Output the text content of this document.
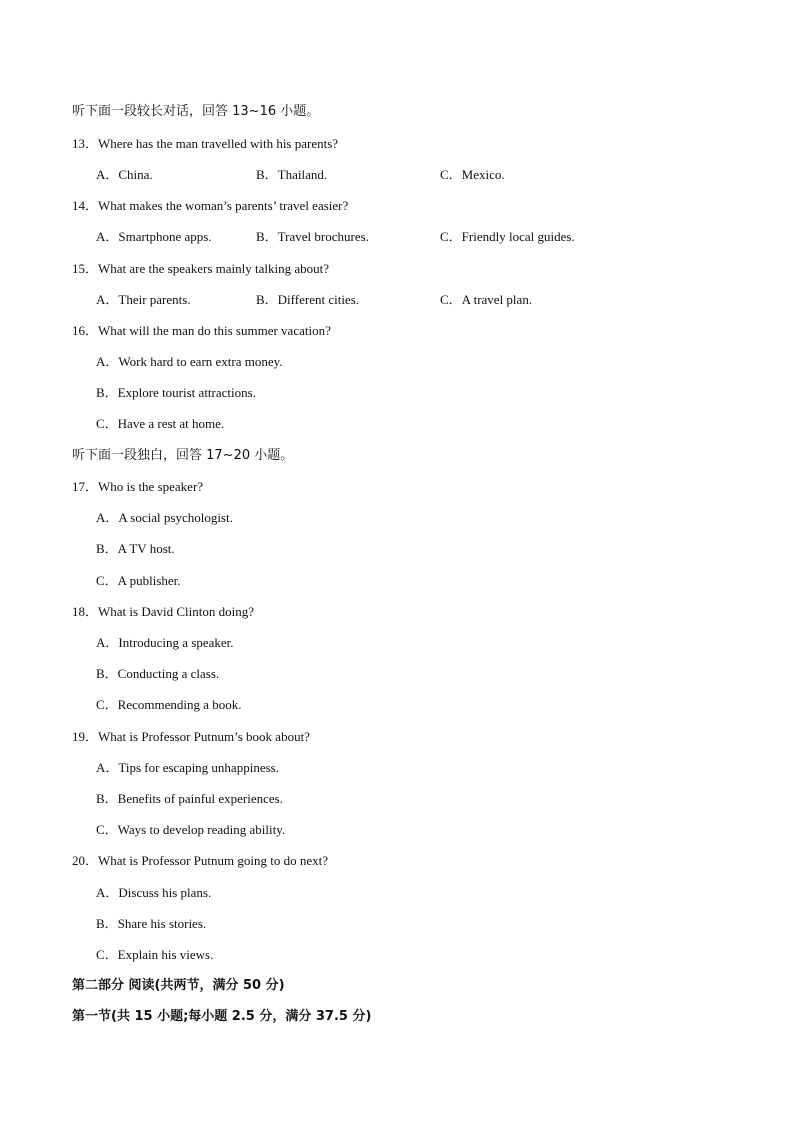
听下面一段较长对话，回答 13~16 小题。
13．Where has the man travelled with his parents?
A．China.	B．Thailand.	C．Mexico.
14．What makes the woman’s parents’ travel easier?
A．Smartphone apps.	B．Travel brochures.	C．Friendly local guides.
15．What are the speakers mainly talking about?
A．Their parents.	B．Different cities.	C．A travel plan.
16．What will the man do this summer vacation?
A．Work hard to earn extra money.
B．Explore tourist attractions.
C．Have a rest at home.
听下面一段独白，回答 17~20 小题。
17．Who is the speaker?
A．A social psychologist.
B．A TV host.
C．A publisher.
18．What is David Clinton doing?
A．Introducing a speaker.
B．Conducting a class.
C．Recommending a book.
19．What is Professor Putnum’s book about?
A．Tips for escaping unhappiness.
B．Benefits of painful experiences.
C．Ways to develop reading ability.
20．What is Professor Putnum going to do next?
A．Discuss his plans.
B．Share his stories.
C．Explain his views.
第二部分 阅读(共两节，满分 50 分)
第一节(共 15 小题;每小题 2.5 分，满分 37.5 分)
